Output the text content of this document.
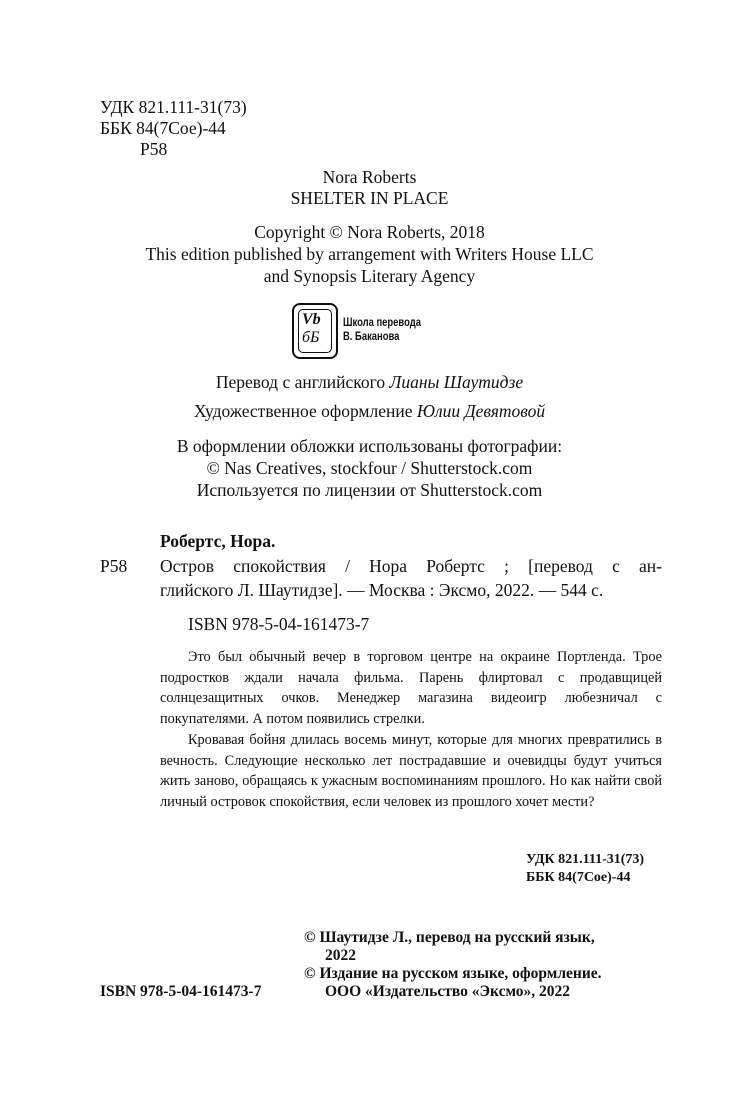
УДК 821.111-31(73)
ББК 84(7Сое)-44
Р58
Nora Roberts
SHELTER IN PLACE
Copyright © Nora Roberts, 2018
This edition published by arrangement with Writers House LLC
and Synopsis Literary Agency
Vb
бБ
Школа перевода
В. Баканова
Перевод с английского Лианы Шаутидзе
Художественное оформление Юлии Девятовой
В оформлении обложки использованы фотографии:
© Nas Creatives, stockfour / Shutterstock.com
Используется по лицензии от Shutterstock.com
Робертс, Нора.
Р58 Остров спокойствия / Нора Робертс ; [перевод с ан-
глийского Л. Шаутидзе]. — Москва : Эксмо, 2022. — 544 с.
ISBN 978-5-04-161473-7

Это был обычный вечер в торговом центре на окраине Портленда. Трое подростков ждали начала фильма. Парень флиртовал с продавщицей солнцезащитных очков. Менеджер магазина видеоигр любезничал с покупателями. А потом появились стрелки.

Кровавая бойня длилась восемь минут, которые для многих превратились в вечность. Следующие несколько лет пострадавшие и очевидцы будут учиться жить заново, обращаясь к ужасным воспоминаниям прошлого. Но как найти свой личный островок спокойствия, если человек из прошлого хочет мести?

УДК 821.111-31(73)
ББК 84(7Сое)-44
© Шаутидзе Л., перевод на русский язык,
2022
© Издание на русском языке, оформление.
ISBN 978-5-04-161473-7	ООО «Издательство «Эксмо», 2022
